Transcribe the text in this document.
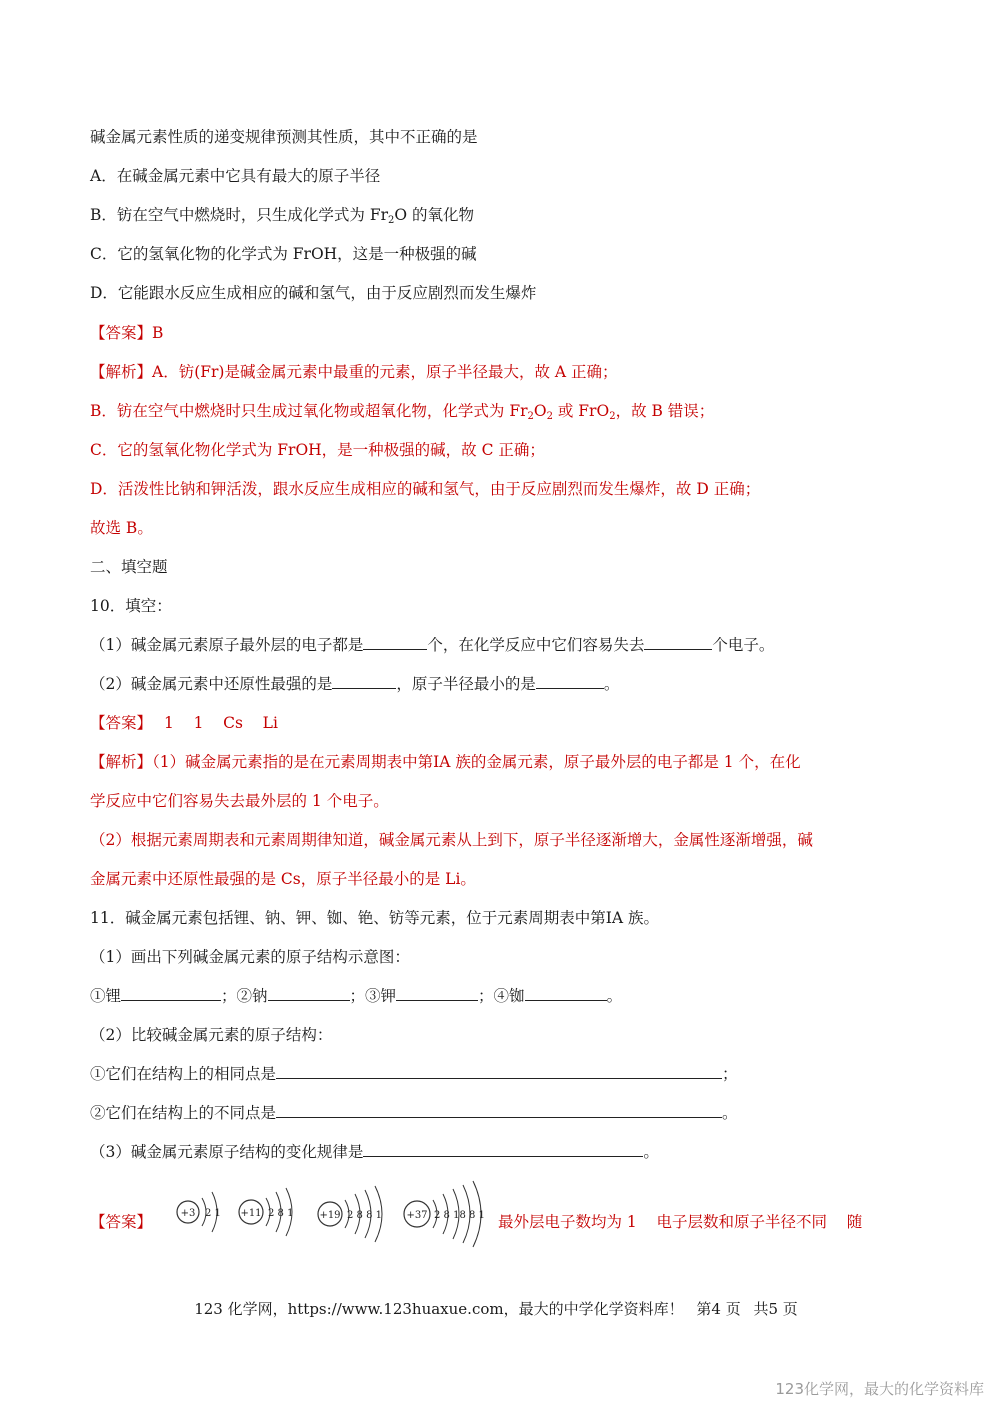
碱金属元素性质的递变规律预测其性质，其中不正确的是
A．在碱金属元素中它具有最大的原子半径
B．钫在空气中燃烧时，只生成化学式为 $Fr_2O$ 的氧化物
C．它的氢氧化物的化学式为 FrOH，这是一种极强的碱
D．它能跟水反应生成相应的碱和氢气，由于反应剧烈而发生爆炸
【答案】B
【解析】A．钫(Fr)是碱金属元素中最重的元素，原子半径最大，故 A 正确；
B．钫在空气中燃烧时只生成过氧化物或超氧化物，化学式为 $Fr_2O_2$ 或 FrO$_2$，故 B 错误；
C．它的氢氧化物化学式为 FrOH，是一种极强的碱，故 C 正确；
D．活泼性比钠和钾活泼，跟水反应生成相应的碱和氢气，由于反应剧烈而发生爆炸，故 D 正确；
故选 B。
二、填空题
10．填空：
（1）碱金属元素原子最外层的电子都是	个，在化学反应中它们容易失去	个电子。
（2）碱金属元素中还原性最强的是	，原子半径最小的是	。
【答案】 1    1    Cs    Li
【解析】（1）碱金属元素指的是在元素周期表中第ⅠA 族的金属元素，原子最外层的电子都是 1 个，在化
学反应中它们容易失去最外层的 1 个电子。
（2）根据元素周期表和元素周期律知道，碱金属元素从上到下，原子半径逐渐增大，金属性逐渐增强，碱
金属元素中还原性最强的是 Cs，原子半径最小的是 Li。
11．碱金属元素包括锂、钠、钾、铷、铯、钫等元素，位于元素周期表中第ⅠA 族。
（1）画出下列碱金属元素的原子结构示意图：
①锂	；②钠	；③钾	；④铷	。
（2）比较碱金属元素的原子结构：
①它们在结构上的相同点是	；
②它们在结构上的不同点是	。
（3）碱金属元素原子结构的变化规律是	。
【答案】	+3 2 1 +11 2 8 1	+19 2 8 8 1 +37 2 8 18 8 1 最外层电子数均为 1    电子层数和原子半径不同    随
123 化学网，https://www.123huaxue.com，最大的中学化学资料库！ 第4 页 共5 页
123化学网，最大的化学资料库
